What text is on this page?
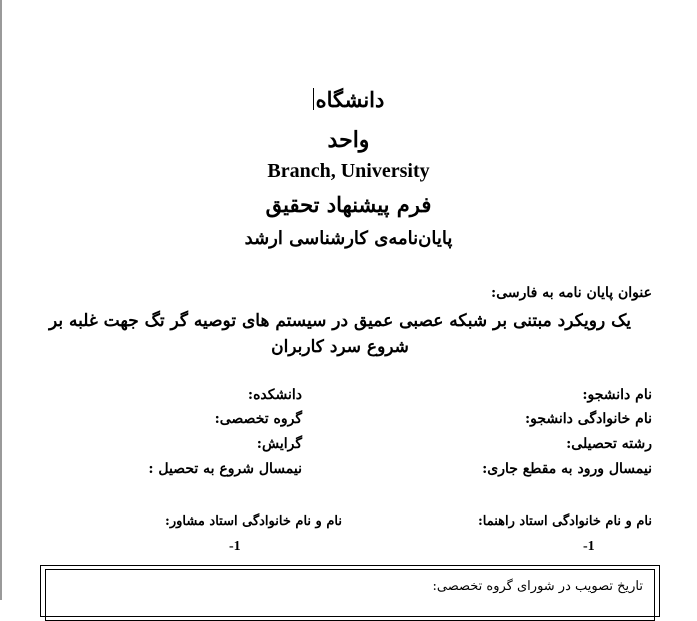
دانشگاه
واحد
Branch, University
فرم پیشنهاد تحقیق
پایان‌نامه‌ی کارشناسی ارشد
عنوان پایان نامه به فارسی:
یک رویکرد مبتنی بر شبکه عصبی عمیق در سیستم های توصیه گر تگ جهت غلبه بر شروع سرد کاربران
نام دانشجو:
نام خانوادگی دانشجو:
رشته تحصیلی:
نیمسال ورود به مقطع جاری:
دانشکده:
گروه تخصصی:
گرایش:
نیمسال شروع به تحصیل :
نام و نام خانوادگی استاد راهنما:
نام و نام خانوادگی استاد مشاور:
-1
-1
تاریخ تصویب در شورای گروه تخصصی:
